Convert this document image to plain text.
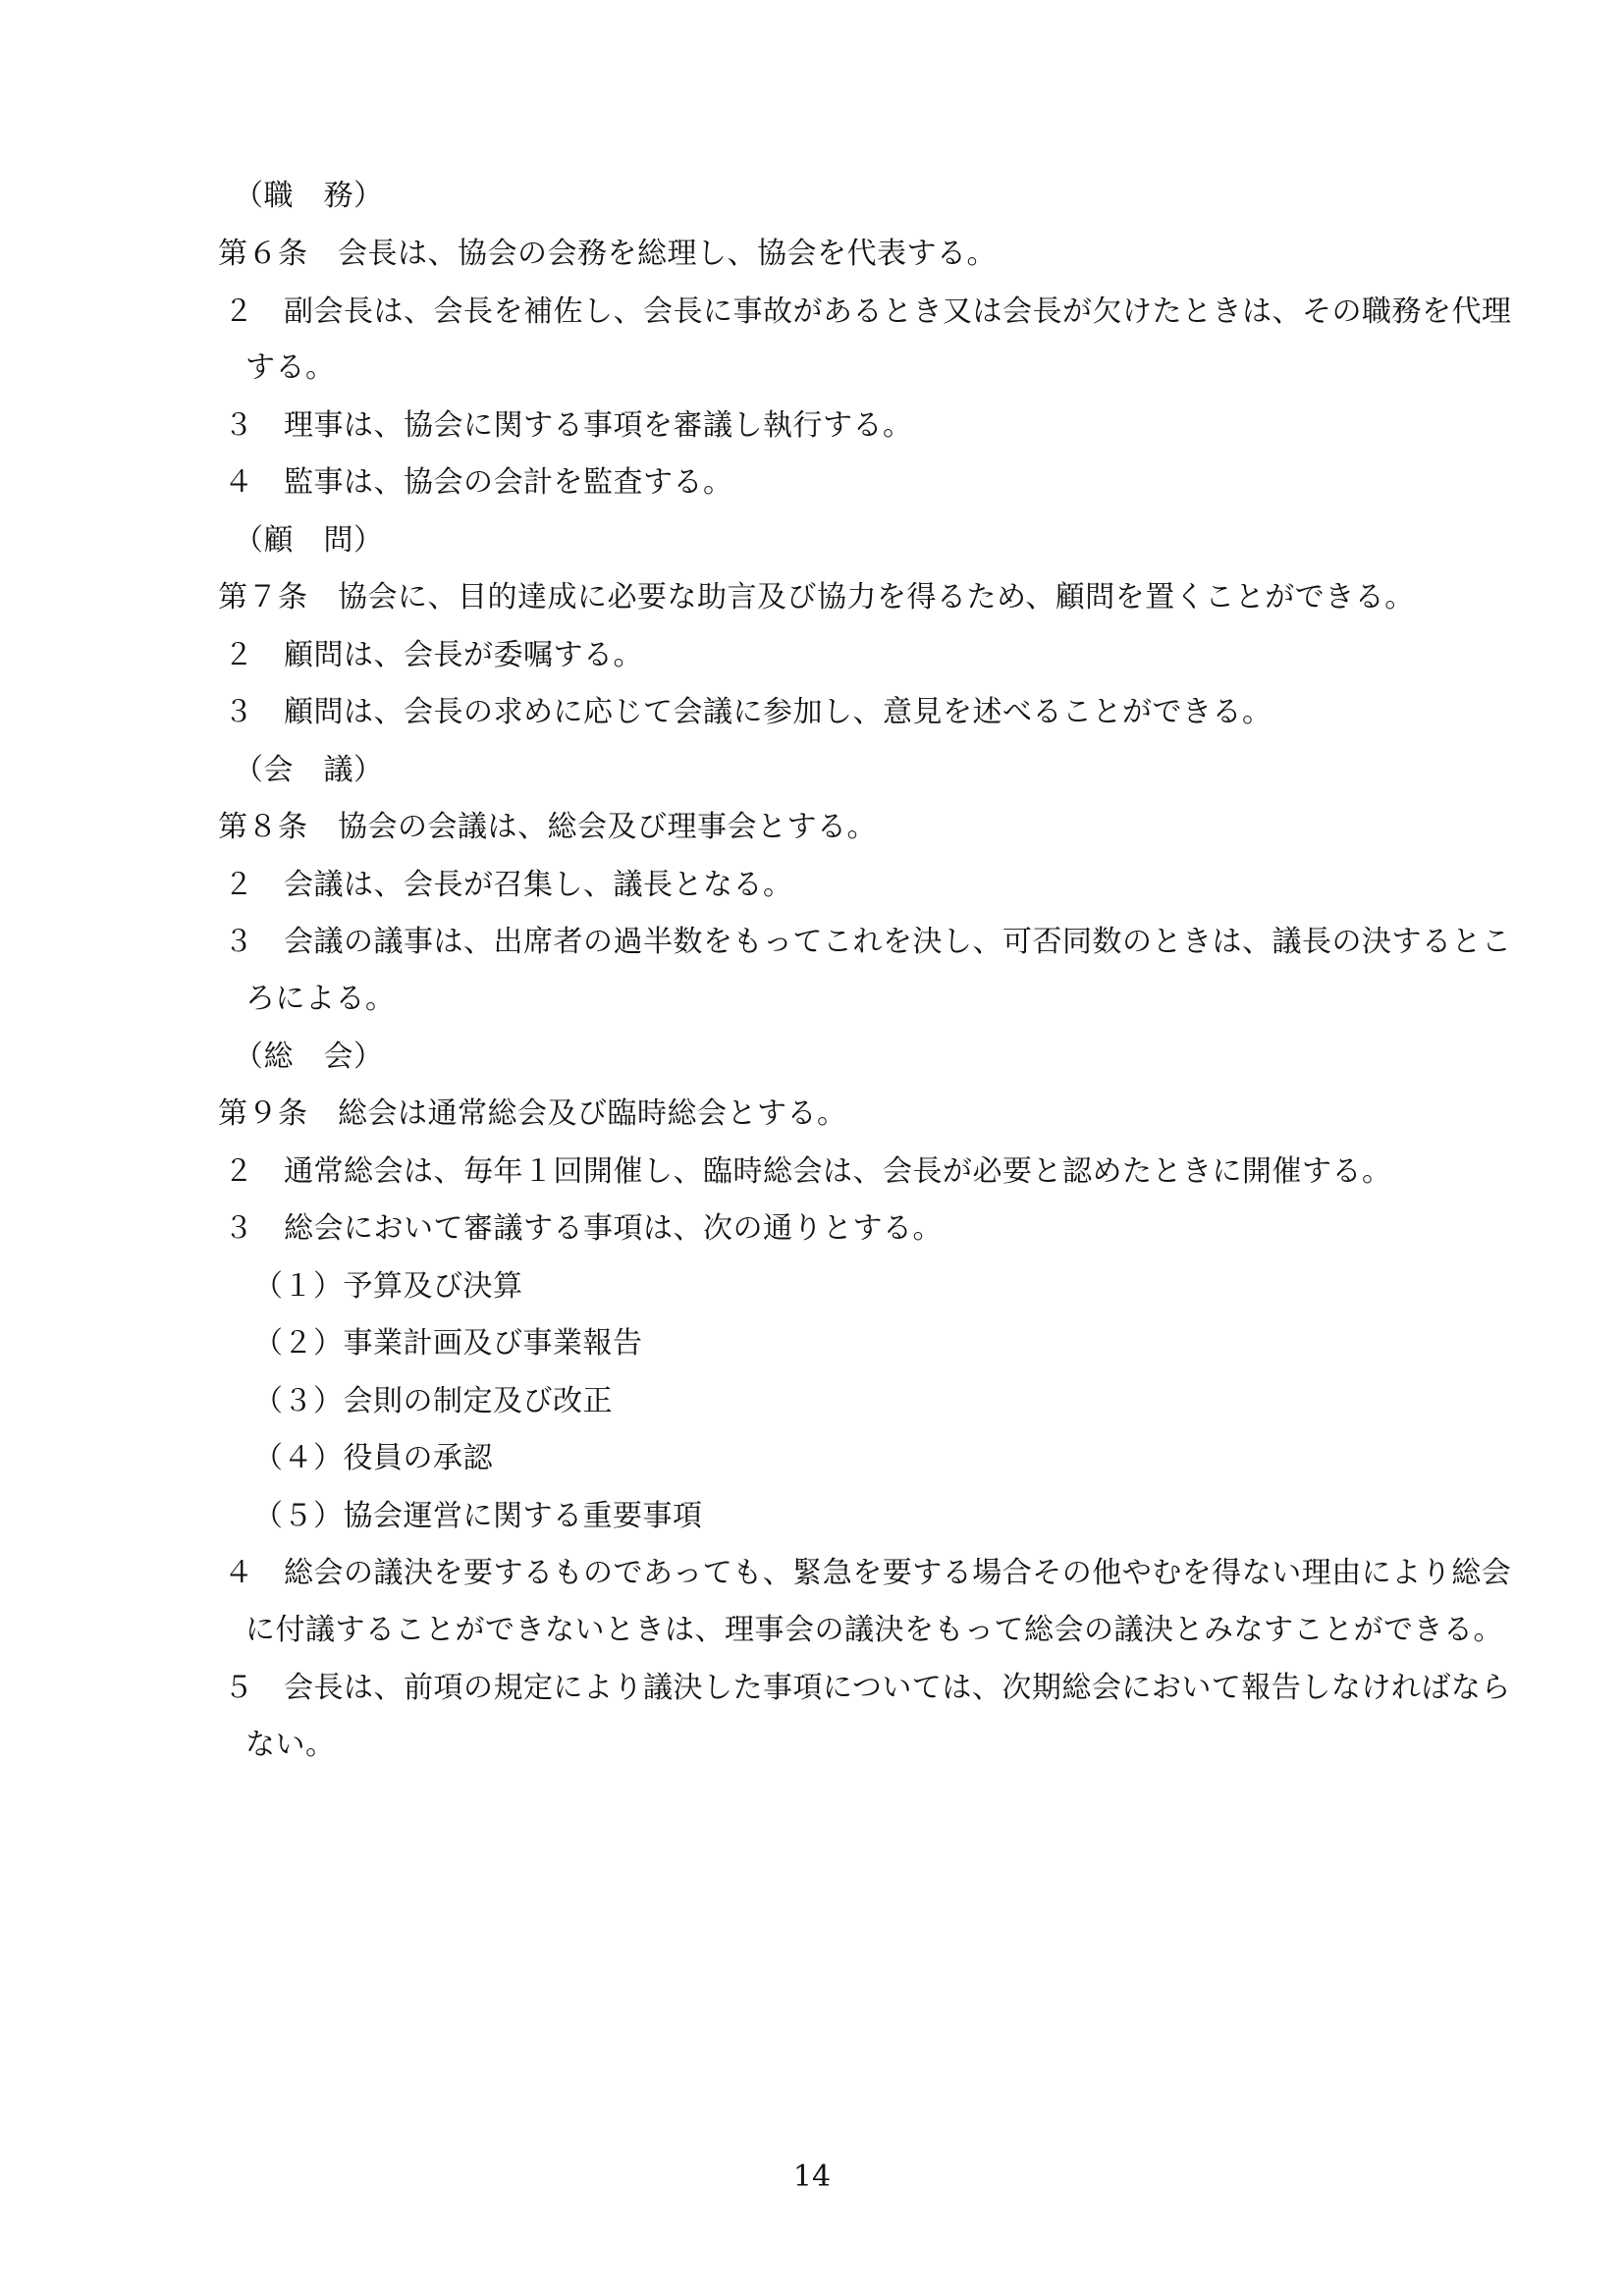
（職　務）
第６条　会長は、協会の会務を総理し、協会を代表する。
２　副会長は、会長を補佐し、会長に事故があるとき又は会長が欠けたときは、その職務を代理
する。
３　理事は、協会に関する事項を審議し執行する。
４　監事は、協会の会計を監査する。
（顧　問）
第７条　協会に、目的達成に必要な助言及び協力を得るため、顧問を置くことができる。
２　顧問は、会長が委嘱する。
３　顧問は、会長の求めに応じて会議に参加し、意見を述べることができる。
（会　議）
第８条　協会の会議は、総会及び理事会とする。
２　会議は、会長が召集し、議長となる。
３　会議の議事は、出席者の過半数をもってこれを決し、可否同数のときは、議長の決するとこ
ろによる。
（総　会）
第９条　総会は通常総会及び臨時総会とする。
２　通常総会は、毎年１回開催し、臨時総会は、会長が必要と認めたときに開催する。
３　総会において審議する事項は、次の通りとする。
（１）予算及び決算
（２）事業計画及び事業報告
（３）会則の制定及び改正
（４）役員の承認
（５）協会運営に関する重要事項
４　総会の議決を要するものであっても、緊急を要する場合その他やむを得ない理由により総会
に付議することができないときは、理事会の議決をもって総会の議決とみなすことができる。
５　会長は、前項の規定により議決した事項については、次期総会において報告しなければなら
ない。
14
